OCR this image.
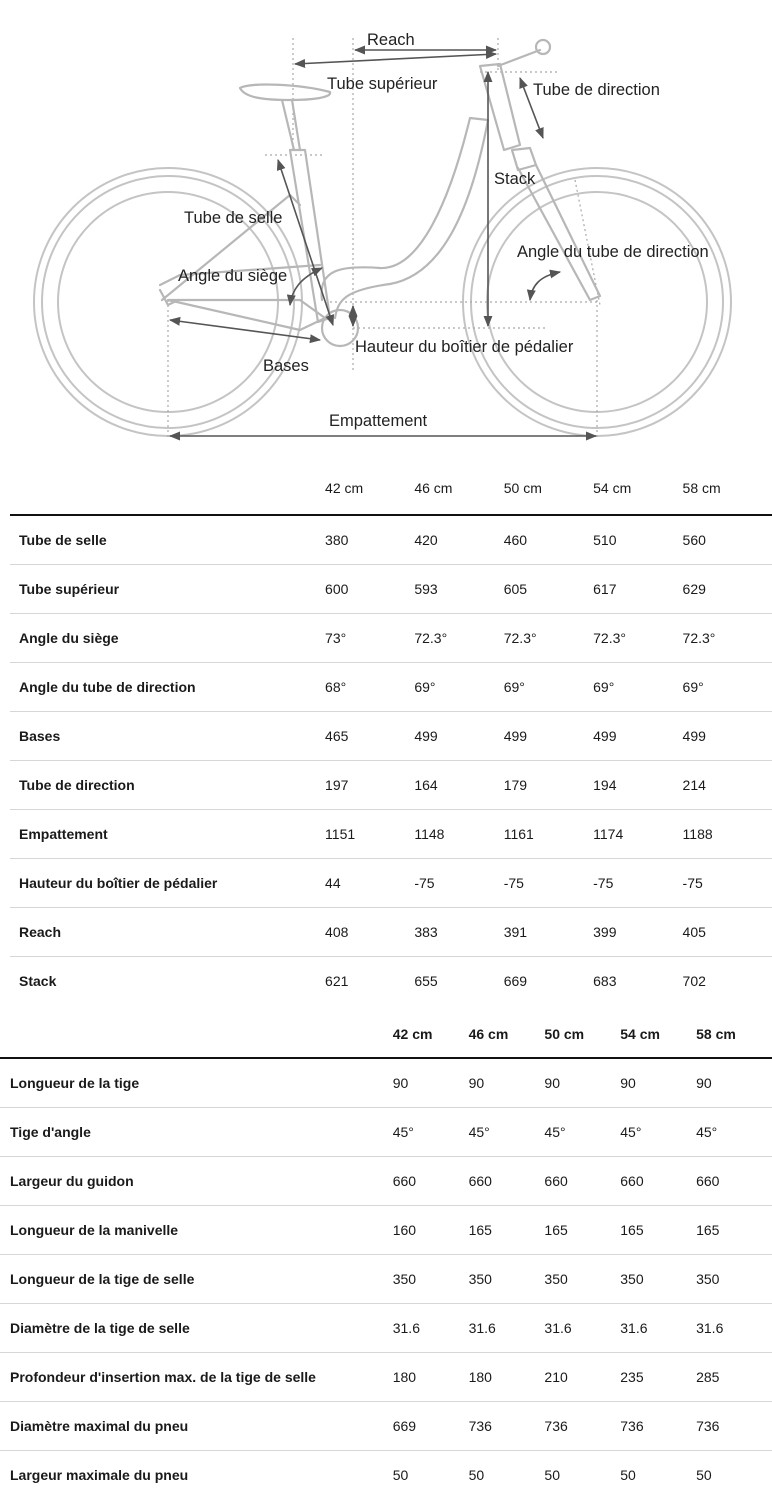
Reach
Tube supérieur	Tube de direction
Stack
Tube de selle
Angle du tube de direction
Angle du siège
Hauteur du boîtier de pédalier
Bases
Empattement
	42 cm	46 cm	50 cm	54 cm	58 cm
Tube de selle	380	420	460	510	560
Tube supérieur	600	593	605	617	629
Angle du siège	73°	72.3°	72.3°	72.3°	72.3°
Angle du tube de direction	68°	69°	69°	69°	69°
Bases	465	499	499	499	499
Tube de direction	197	164	179	194	214
Empattement	1151	1148	1161	1174	1188
Hauteur du boîtier de pédalier	44	-75	-75	-75	-75
Reach	408	383	391	399	405
Stack	621	655	669	683	702
	42 cm	46 cm	50 cm	54 cm	58 cm
Longueur de la tige	90	90	90	90	90
Tige d'angle	45°	45°	45°	45°	45°
Largeur du guidon	660	660	660	660	660
Longueur de la manivelle	160	165	165	165	165
Longueur de la tige de selle	350	350	350	350	350
Diamètre de la tige de selle	31.6	31.6	31.6	31.6	31.6
Profondeur d'insertion max. de la tige de selle	180	180	210	235	285
Diamètre maximal du pneu	669	736	736	736	736
Largeur maximale du pneu	50	50	50	50	50
